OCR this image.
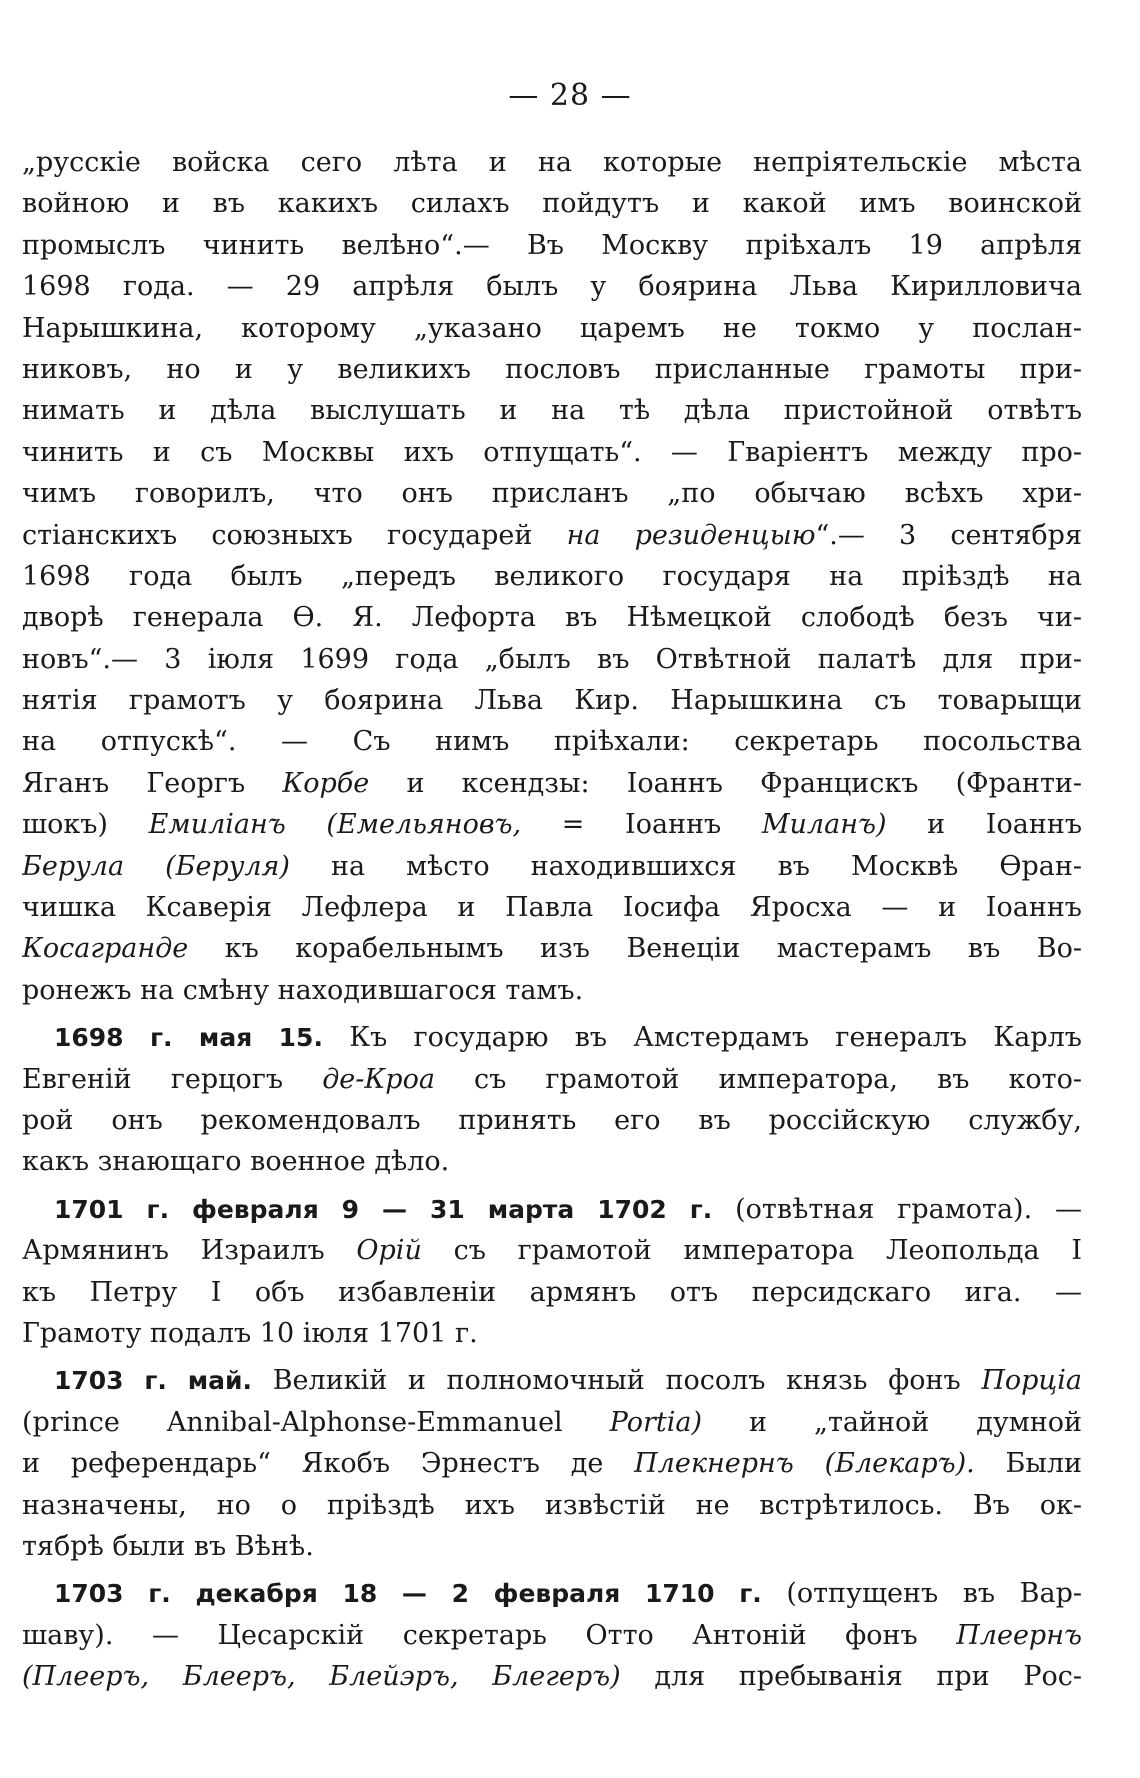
— 28 —
„русскіе войска сего лѣта и на которые непріятельскіе мѣста
войною и въ какихъ силахъ пойдутъ и какой имъ воинской
промыслъ чинить велѣно“.— Въ Москву пріѣхалъ 19 апрѣля
1698 года. — 29 апрѣля былъ у боярина Льва Кирилловича
Нарышкина, которому „указано царемъ не токмо у послан-
никовъ, но и у великихъ пословъ присланные грамоты при-
нимать и дѣла выслушать и на тѣ дѣла пристойной отвѣтъ
чинить и съ Москвы ихъ отпущать“. — Гваріентъ между про-
чимъ говорилъ, что онъ присланъ „по обычаю всѣхъ хри-
стіанскихъ союзныхъ государей на резиденцыю“.— 3 сентября
1698 года былъ „передъ великого государя на пріѣздѣ на
дворѣ генерала Ѳ. Я. Лефорта въ Нѣмецкой слободѣ безъ чи-
новъ“.— 3 іюля 1699 года „былъ въ Отвѣтной палатѣ для при-
нятія грамотъ у боярина Льва Кир. Нарышкина съ товарыщи
на отпускѣ“. — Съ нимъ пріѣхали: секретарь посольства
Яганъ Георгъ Корбе и ксендзы: Іоаннъ Францискъ (Франти-
шокъ) Емиліанъ (Емельяновъ, = Іоаннъ Миланъ) и Іоаннъ
Берула (Беруля) на мѣсто находившихся въ Москвѣ Ѳран-
чишка Ксаверія Лефлера и Павла Іосифа Яросха — и Іоаннъ
Косагранде къ корабельнымъ изъ Венеціи мастерамъ въ Во-
ронежъ на смѣну находившагося тамъ.
1698 г. мая 15. Къ государю въ Амстердамъ генералъ Карлъ
Евгеній герцогъ де-Кроа съ грамотой императора, въ кото-
рой онъ рекомендовалъ принять его въ россійскую службу,
какъ знающаго военное дѣло.
1701 г. февраля 9 — 31 марта 1702 г. (отвѣтная грамота). —
Армянинъ Израилъ Орій съ грамотой императора Леопольда I
къ Петру I объ избавленіи армянъ отъ персидскаго ига. —
Грамоту подалъ 10 іюля 1701 г.
1703 г. май. Великій и полномочный посолъ князь фонъ Порціа
(prince Annibal-Alphonse-Emmanuel Portia) и „тайной думной
и референдарь“ Якобъ Эрнестъ де Плекнернъ (Блекаръ). Были
назначены, но о пріѣздѣ ихъ извѣстій не встрѣтилось. Въ ок-
тябрѣ были въ Вѣнѣ.
1703 г. декабря 18 — 2 февраля 1710 г. (отпущенъ въ Вар-
шаву). — Цесарскій секретарь Отто Антоній фонъ Плеернъ
(Плееръ, Блееръ, Блейэръ, Блегеръ) для пребыванія при Рос-
